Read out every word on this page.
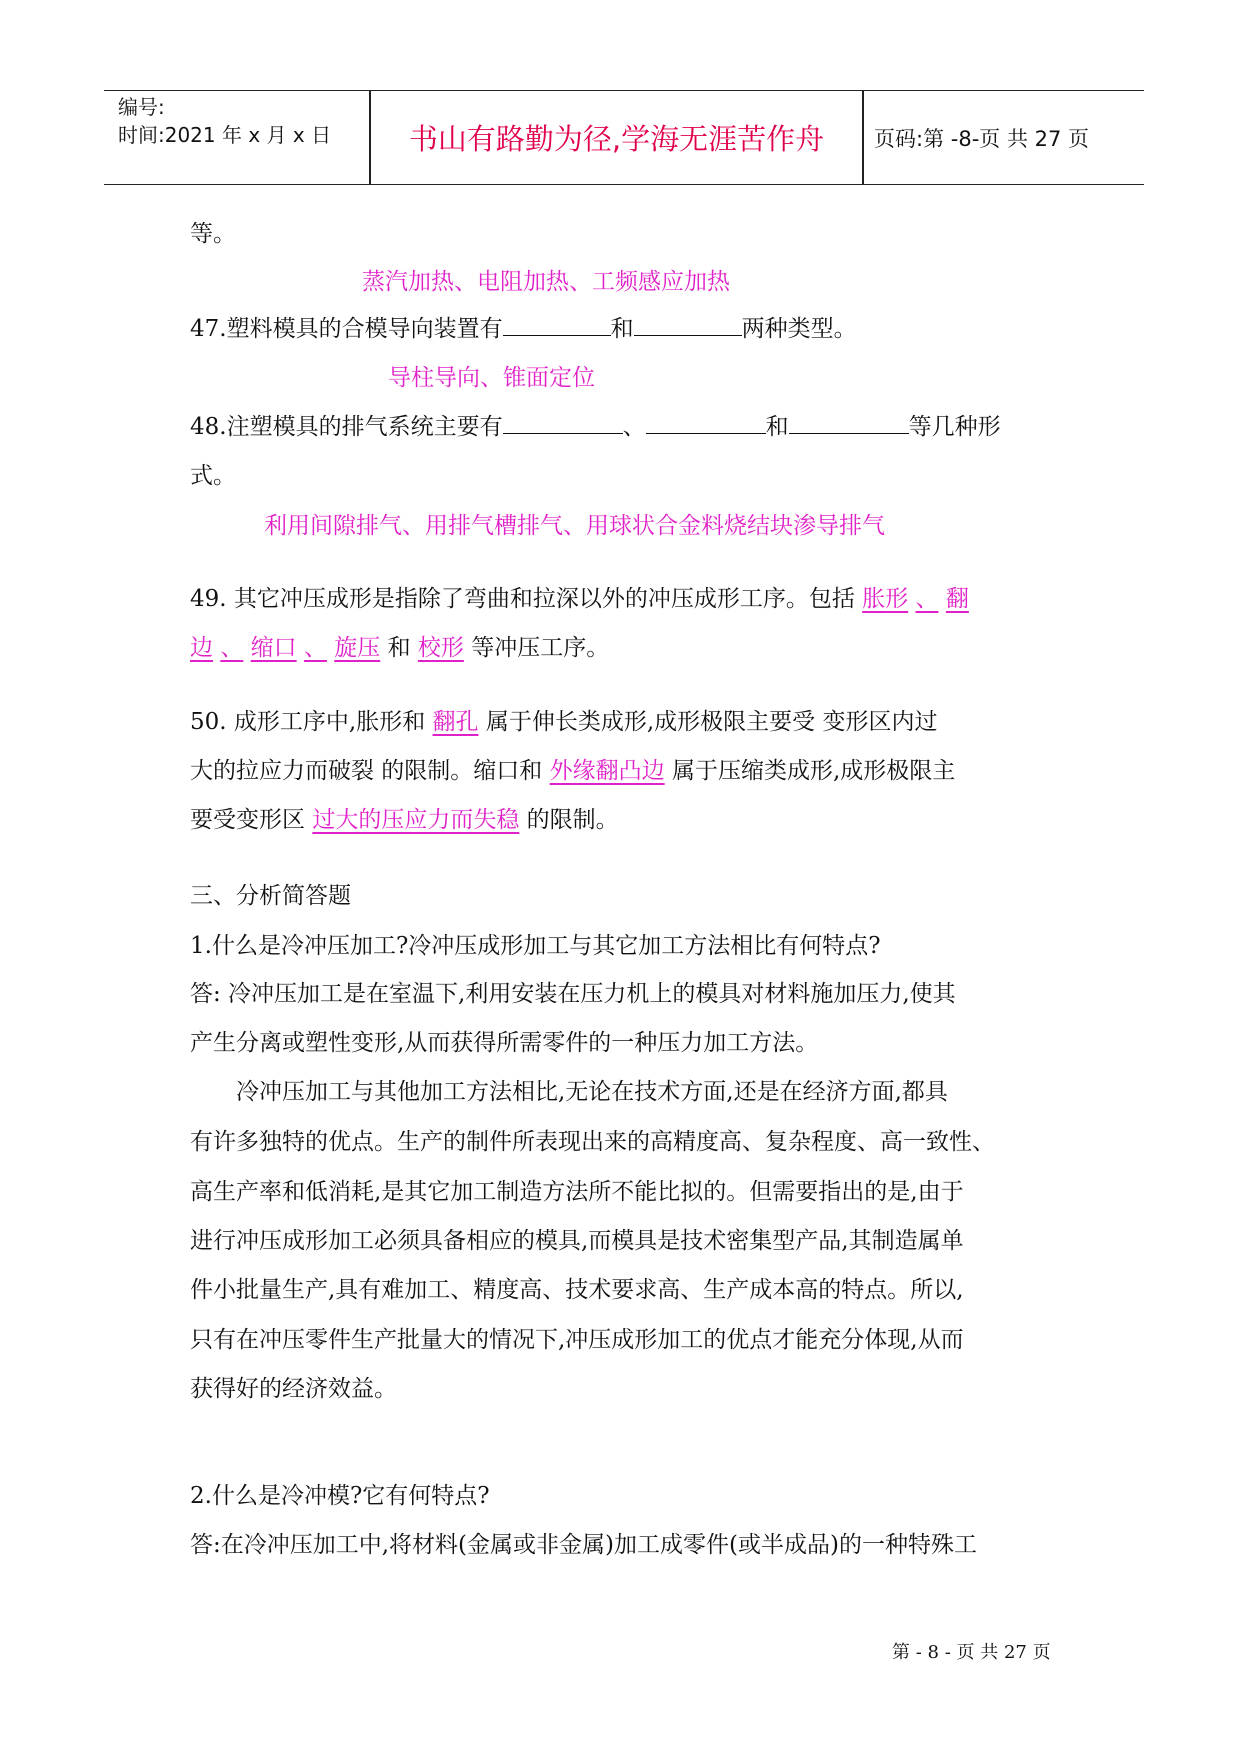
编号:
时间:2021 年 x 月 x 日	书山有路勤为径,学海无涯苦作舟	页码:第 -8-页 共 27 页
等。
蒸汽加热、电阻加热、工频感应加热
47.塑料模具的合模导向装置有	和	两种类型。
导柱导向、锥面定位
48.注塑模具的排气系统主要有	、	和	等几种形
式。
利用间隙排气、用排气槽排气、用球状合金料烧结块渗导排气
49. 其它冲压成形是指除了弯曲和拉深以外的冲压成形工序。包括 胀形 、 翻
边 、 缩口 、 旋压 和 校形 等冲压工序。
50. 成形工序中,胀形和 翻孔 属于伸长类成形,成形极限主要受 变形区内过
大的拉应力而破裂 的限制。缩口和 外缘翻凸边 属于压缩类成形,成形极限主
要受变形区 过大的压应力而失稳 的限制。
三、分析简答题
1.什么是冷冲压加工?冷冲压成形加工与其它加工方法相比有何特点?
答: 冷冲压加工是在室温下,利用安装在压力机上的模具对材料施加压力,使其
产生分离或塑性变形,从而获得所需零件的一种压力加工方法。
冷冲压加工与其他加工方法相比,无论在技术方面,还是在经济方面,都具
有许多独特的优点。生产的制件所表现出来的高精度高、复杂程度、高一致性、
高生产率和低消耗,是其它加工制造方法所不能比拟的。但需要指出的是,由于
进行冲压成形加工必须具备相应的模具,而模具是技术密集型产品,其制造属单
件小批量生产,具有难加工、精度高、技术要求高、生产成本高的特点。所以,
只有在冲压零件生产批量大的情况下,冲压成形加工的优点才能充分体现,从而
获得好的经济效益。
2.什么是冷冲模?它有何特点?
答:在冷冲压加工中,将材料(金属或非金属)加工成零件(或半成品)的一种特殊工
第 - 8 - 页 共 27 页
